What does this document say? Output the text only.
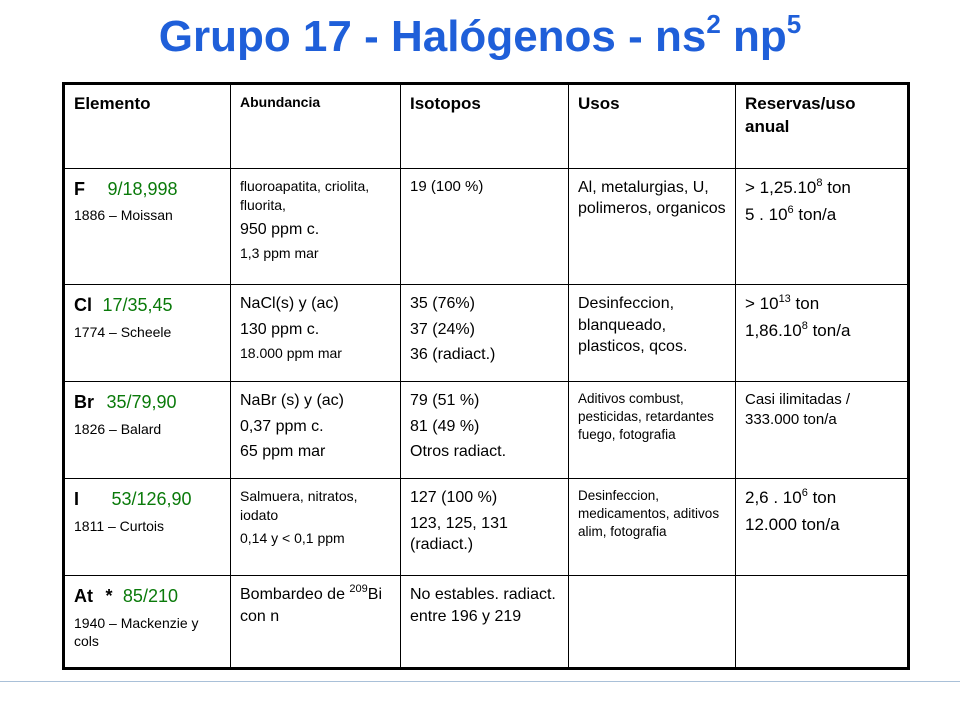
Grupo 17 - Halógenos - $ns^2$ $np^5$
Elemento	Abundancia	Isotopos	Usos	Reservas/uso anual
F 9/18,998
1886 – Moissan	fluoroapatita, criolita, fluorita,
950 ppm c.
1,3 ppm mar	19 (100 %)	Al, metalurgias, U, polimeros, organicos	> $1,25.10^8$ ton
5 . $10^6$ ton/a

Cl 17/35,45
1774 – Scheele	NaCl(s) y (ac)
130 ppm c.
18.000 ppm mar	35 (76%)
37 (24%)
36 (radiact.)	Desinfeccion, blanqueado, plasticos, qcos.	> $10^{13}$ ton
1,86.10$^8$ ton/a

Br 35/79,90
1826 – Balard	NaBr (s) y (ac)
0,37 ppm c.
65 ppm mar	79 (51 %)
81 (49 %)
Otros radiact.	Aditivos combust, pesticidas, retardantes fuego, fotografia	Casi ilimitadas / 333.000 ton/a
I 53/126,90
1811 – Curtois	Salmuera, nitratos, iodato
0,14 y < 0,1 ppm	127 (100 %)
123, 125, 131 (radiact.)	Desinfeccion, medicamentos, aditivos alim, fotografia	2,6 . $10^6$ ton
12.000 ton/a

At * 85/210
1940 – Mackenzie y cols	Bombardeo de $^{209}$Bi con n	No estables. radiact. entre 196 y 219		
